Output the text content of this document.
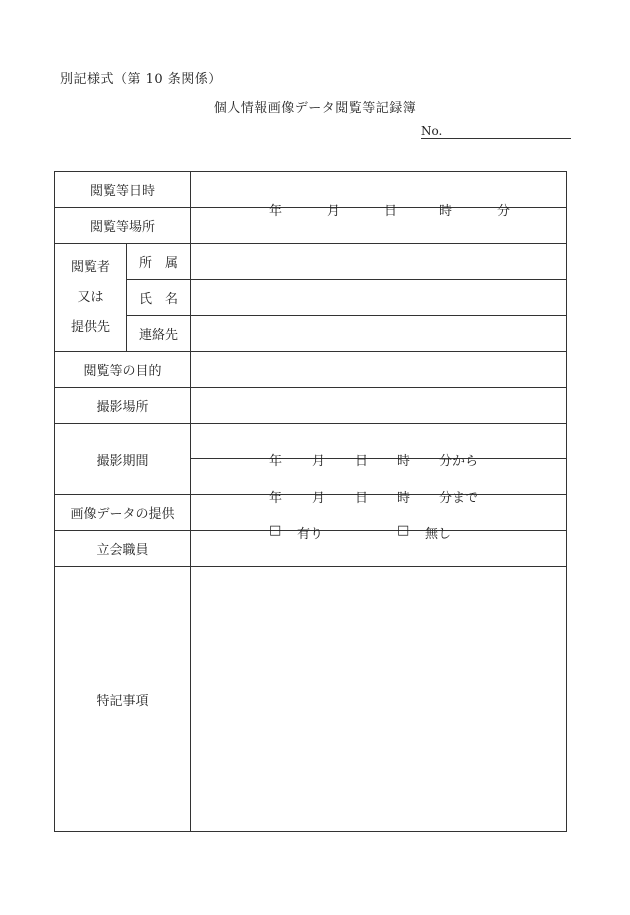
別記様式（第 10 条関係）
個人情報画像データ閲覧等記録簿
No.
閲覧等日時		年 月 日 時 分

閲覧等場所		

閲覧者
又は
提供先	所　属	
	氏　名	
	連絡先	
閲覧等の目的		
撮影場所		
撮影期間		年 月 日 時 分から

		年 月 日 時 分まで

画像データの提供		□ 有り □ 無し

立会職員		
特記事項		
